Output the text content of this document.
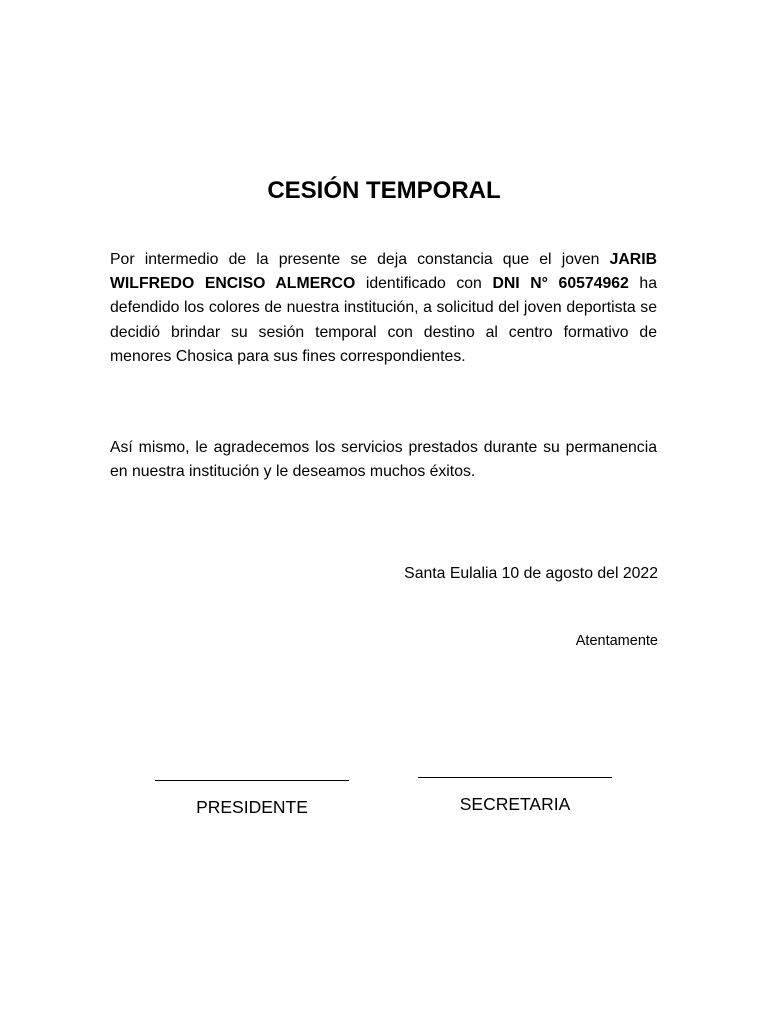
CESIÓN TEMPORAL

Por intermedio de la presente se deja constancia que el joven JARIB WILFREDO ENCISO ALMERCO identificado con DNI N° 60574962 ha defendido los colores de nuestra institución, a solicitud del joven deportista se decidió brindar su sesión temporal con destino al centro formativo de menores Chosica para sus fines correspondientes.

Así mismo, le agradecemos los servicios prestados durante su permanencia en nuestra institución y le deseamos muchos éxitos.

Santa Eulalia 10 de agosto del 2022

Atentamente

PRESIDENTE	SECRETARIA
